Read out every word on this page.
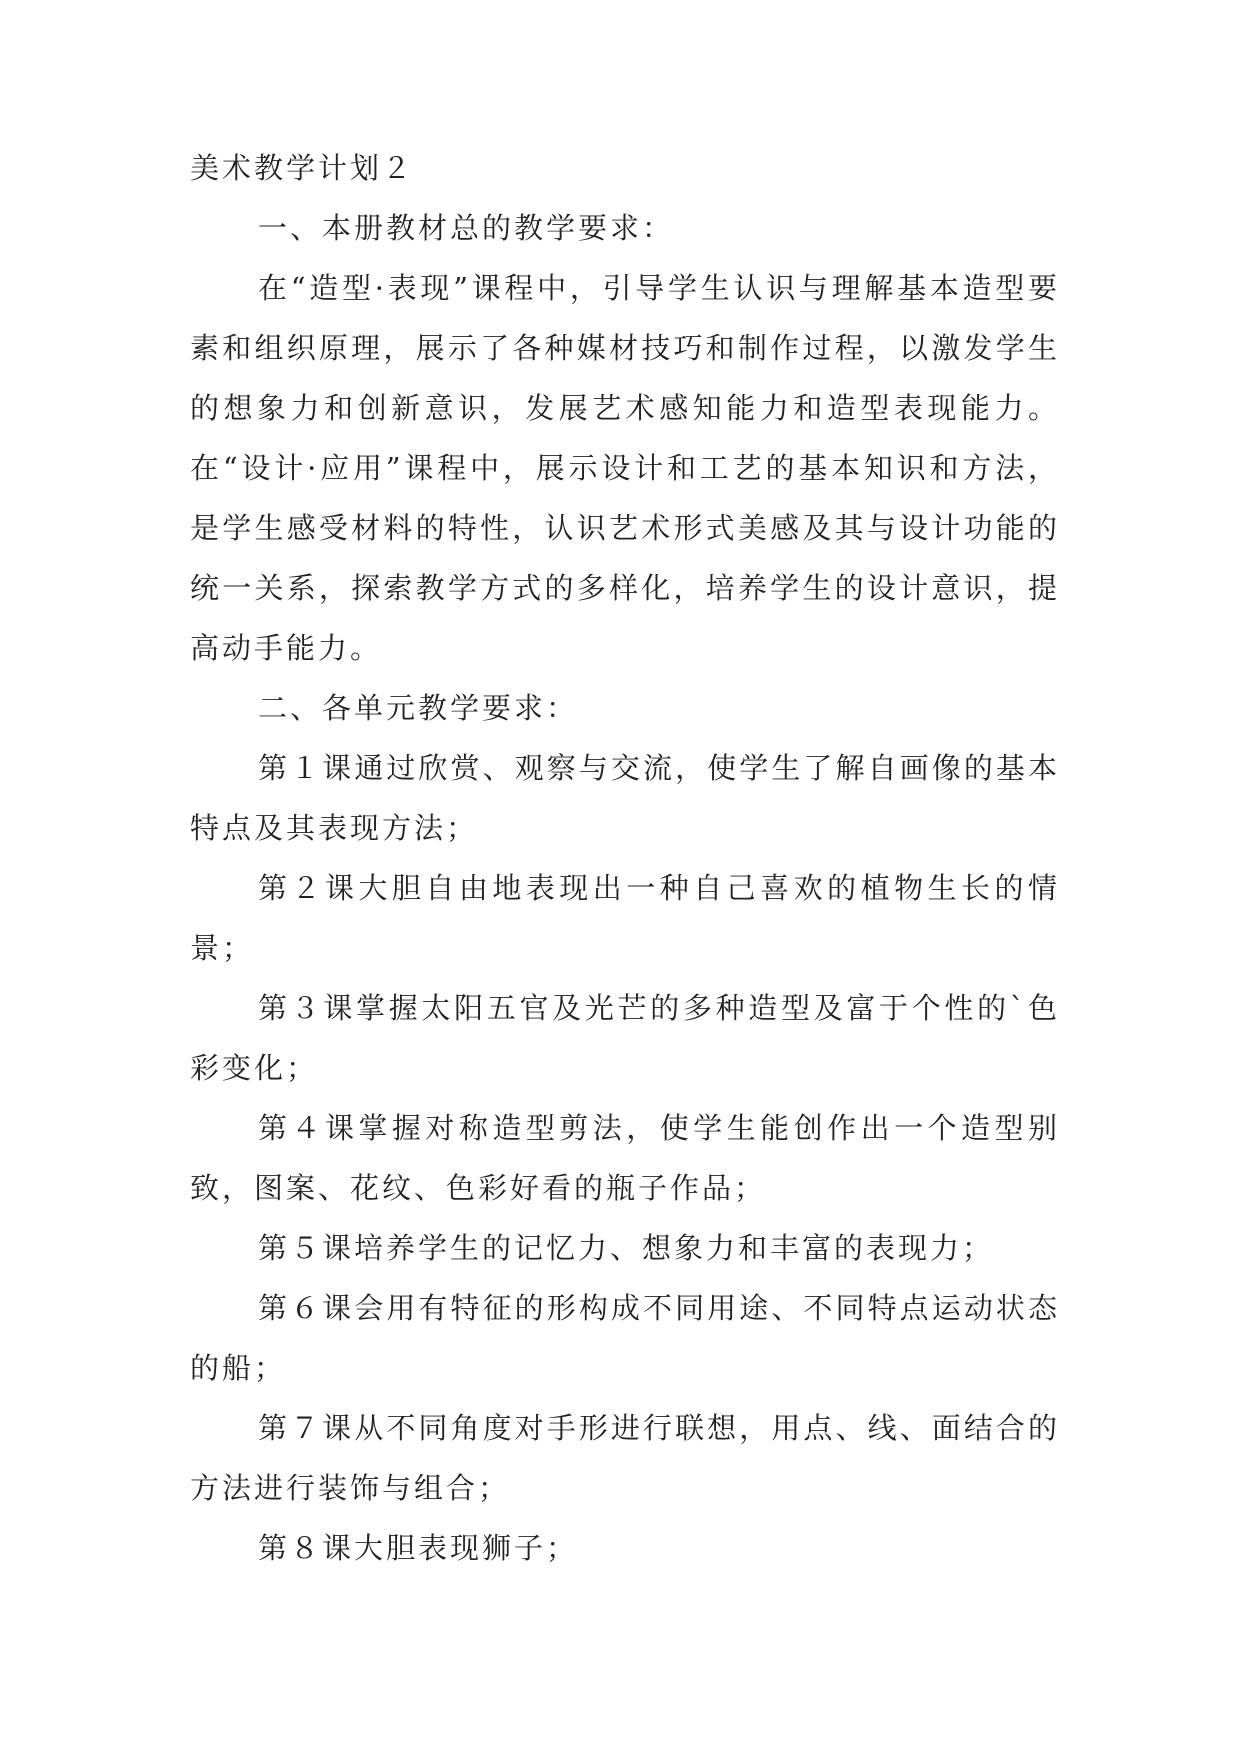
美术教学计划２

一、本册教材总的教学要求：

在“造型·表现”课程中，引导学生认识与理解基本造型要素和组织原理，展示了各种媒材技巧和制作过程，以激发学生的想象力和创新意识，发展艺术感知能力和造型表现能力。在“设计·应用”课程中，展示设计和工艺的基本知识和方法，是学生感受材料的特性，认识艺术形式美感及其与设计功能的统一关系，探索教学方式的多样化，培养学生的设计意识，提高动手能力。

二、各单元教学要求：

第１课通过欣赏、观察与交流，使学生了解自画像的基本特点及其表现方法；

第２课大胆自由地表现出一种自己喜欢的植物生长的情景；

第３课掌握太阳五官及光芒的多种造型及富于个性的`色彩变化；

第４课掌握对称造型剪法，使学生能创作出一个造型别致，图案、花纹、色彩好看的瓶子作品；

第５课培养学生的记忆力、想象力和丰富的表现力；

第６课会用有特征的形构成不同用途、不同特点运动状态的船；

第７课从不同角度对手形进行联想，用点、线、面结合的方法进行装饰与组合；

第８课大胆表现狮子；
